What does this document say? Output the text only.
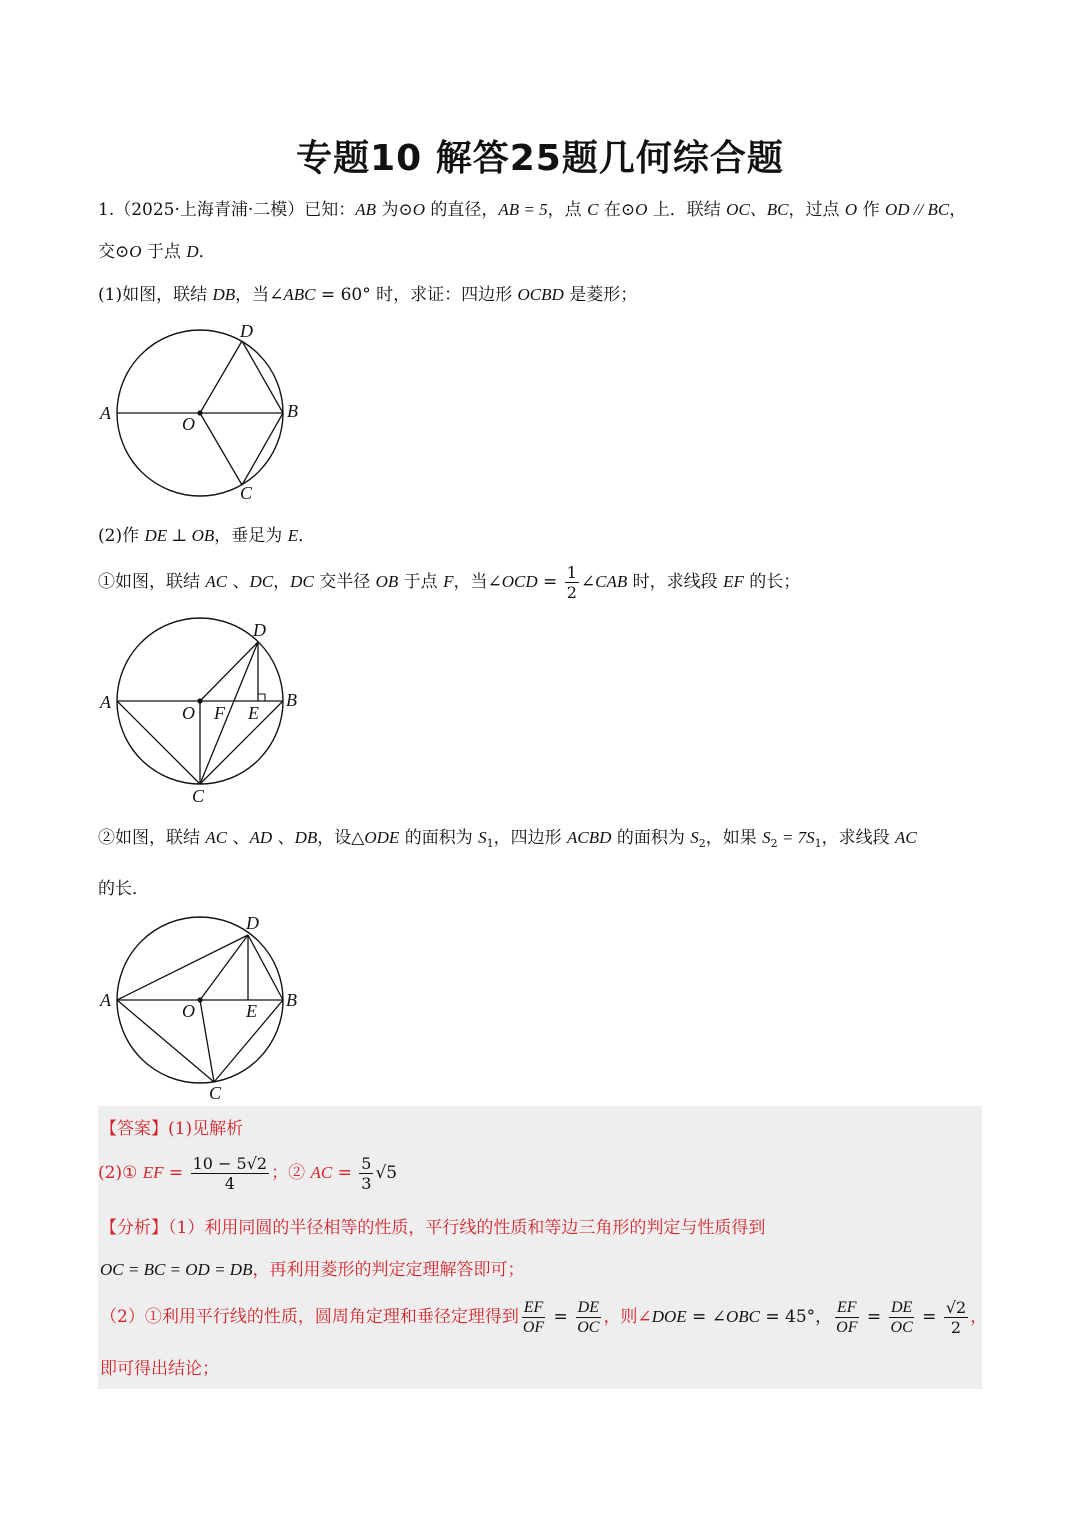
专题10 解答25题几何综合题
1.（2025·上海青浦·二模）已知：AB 为⊙O 的直径，AB = 5，点 C 在⊙O 上．联结 OC、BC，过点 O 作 OD // BC，
交⊙O 于点 D．
(1)如图，联结 DB，当∠ABC = 60° 时，求证：四边形 OCBD 是菱形；
A
O
B
C
D
(2)作 DE ⊥ OB，垂足为 E．
①如图，联结 AC 、DC，DC 交半径 OB 于点 F，当∠OCD = $\frac{1}{2}$ ∠CAB 时，求线段 EF 的长；
A
O F E
B
C
D
②如图，联结 AC 、AD 、DB，设△ODE 的面积为 $S_1$，四边形 ACBD 的面积为 $S_2$，如果 $S_2 = 7S_1$，求线段 AC
的长．
A
O	E
B
C
D
【答案】(1)见解析
(2)① EF = $\frac{10 - 5√2}{4}$ ；② AC = $\frac{5}{3} √5$
【分析】（1）利用同圆的半径相等的性质，平行线的性质和等边三角形的判定与性质得到
OC = BC = OD = DB，再利用菱形的判定定理解答即可；
（2）①利用平行线的性质，圆周角定理和垂径定理得到 $\frac{EF}{OF} = \frac{DE}{OC}$ ，则∠DOE = ∠OBC = 45°， $\frac{EF}{OF} = \frac{DE}{OC} = \frac{√2}{2}$ ，
即可得出结论；
